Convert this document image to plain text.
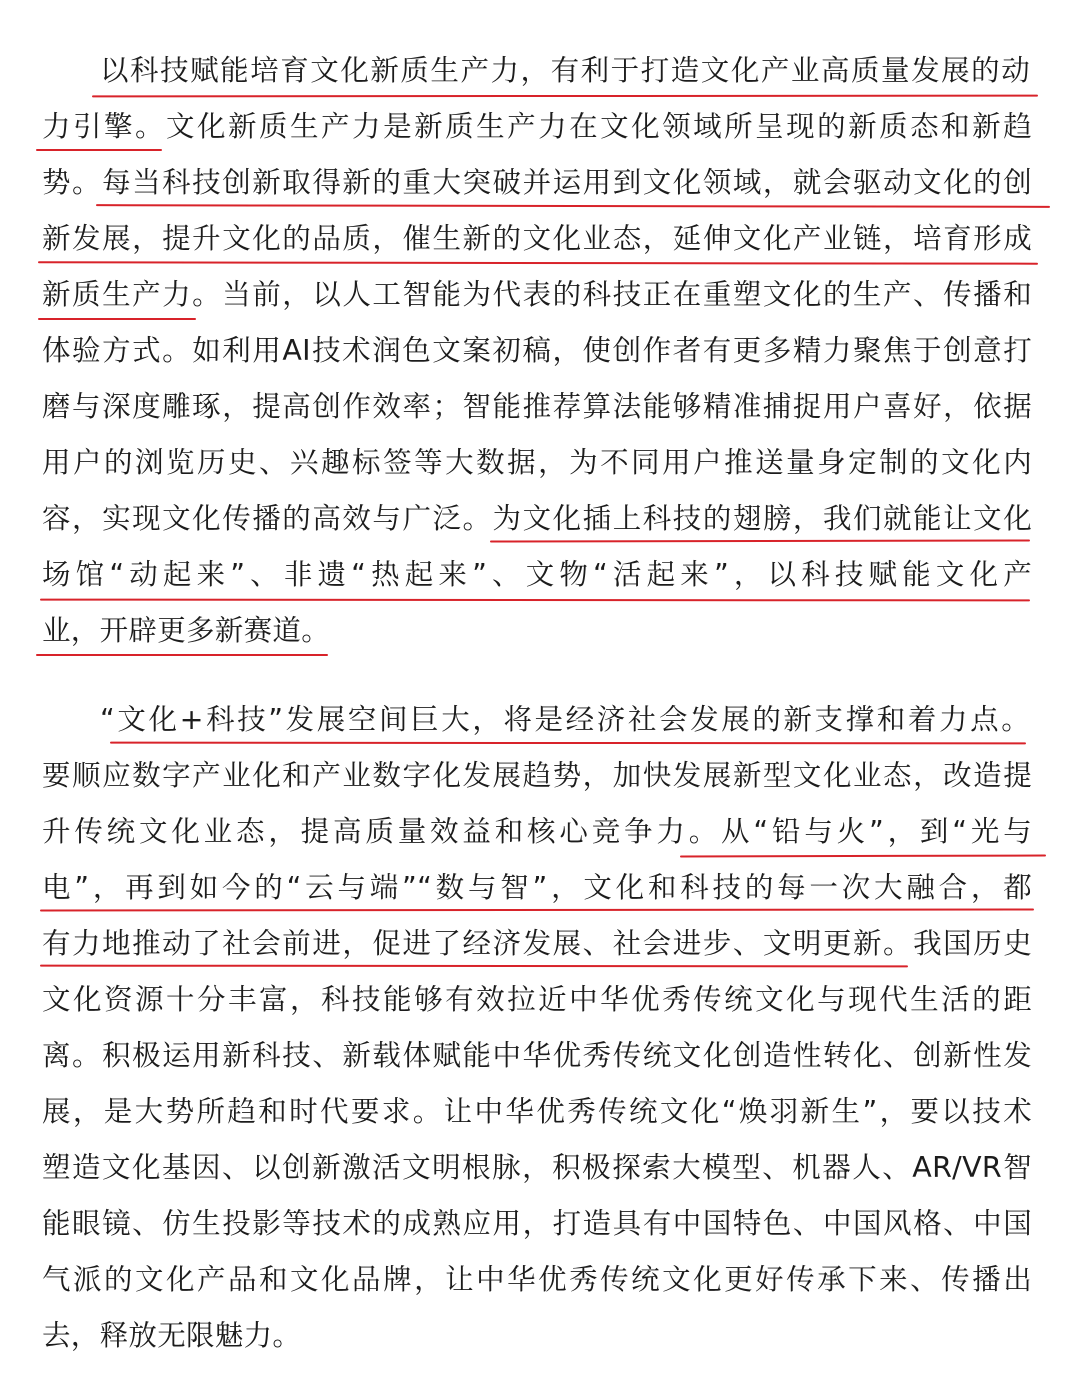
以科技赋能培育文化新质生产力，有利于打造文化产业高质量发展的动
力引擎。文化新质生产力是新质生产力在文化领域所呈现的新质态和新趋
势。每当科技创新取得新的重大突破并运用到文化领域，就会驱动文化的创
新发展，提升文化的品质，催生新的文化业态，延伸文化产业链，培育形成
新质生产力。当前，以人工智能为代表的科技正在重塑文化的生产、传播和
体验方式。如利用AI技术润色文案初稿，使创作者有更多精力聚焦于创意打
磨与深度雕琢，提高创作效率；智能推荐算法能够精准捕捉用户喜好，依据
用户的浏览历史、兴趣标签等大数据，为不同用户推送量身定制的文化内
容，实现文化传播的高效与广泛。为文化插上科技的翅膀，我们就能让文化
场馆“动起来”、非遗“热起来”、文物“活起来”，以科技赋能文化产
业，开辟更多新赛道。
“文化+科技”发展空间巨大，将是经济社会发展的新支撑和着力点。
要顺应数字产业化和产业数字化发展趋势，加快发展新型文化业态，改造提
升传统文化业态，提高质量效益和核心竞争力。从“铅与火”，到“光与
电”，再到如今的“云与端”“数与智”，文化和科技的每一次大融合，都
有力地推动了社会前进，促进了经济发展、社会进步、文明更新。我国历史
文化资源十分丰富，科技能够有效拉近中华优秀传统文化与现代生活的距
离。积极运用新科技、新载体赋能中华优秀传统文化创造性转化、创新性发
展，是大势所趋和时代要求。让中华优秀传统文化“焕羽新生”，要以技术
塑造文化基因、以创新激活文明根脉，积极探索大模型、机器人、AR/VR智
能眼镜、仿生投影等技术的成熟应用，打造具有中国特色、中国风格、中国
气派的文化产品和文化品牌，让中华优秀传统文化更好传承下来、传播出
去，释放无限魅力。
